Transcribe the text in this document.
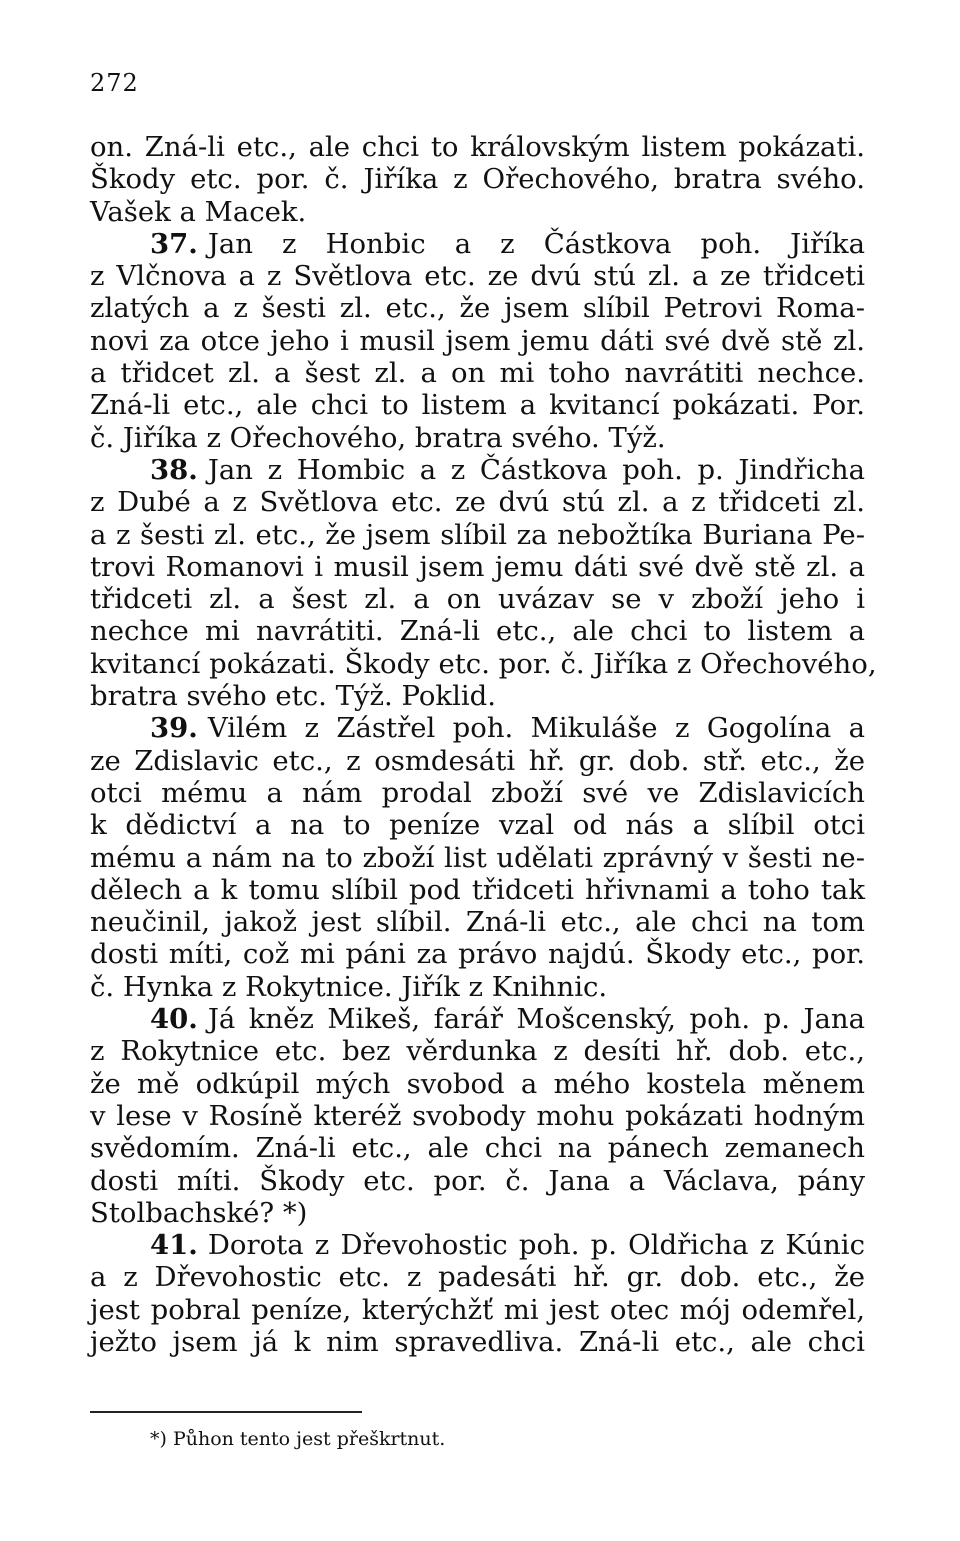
272
on. Zná-li etc., ale chci to královským listem pokázati.
Škody etc. por. č. Jiříka z Ořechového, bratra svého.
Vašek a Macek.
37. Jan z Honbic a z Částkova poh. Jiříka
z Vlčnova a z Světlova etc. ze dvú stú zl. a ze třidceti
zlatých a z šesti zl. etc., že jsem slíbil Petrovi Roma-
novi za otce jeho i musil jsem jemu dáti své dvě stě zl.
a třidcet zl. a šest zl. a on mi toho navrátiti nechce.
Zná-li etc., ale chci to listem a kvitancí pokázati. Por.
č. Jiříka z Ořechového, bratra svého. Týž.
38. Jan z Hombic a z Částkova poh. p. Jindřicha
z Dubé a z Světlova etc. ze dvú stú zl. a z třidceti zl.
a z šesti zl. etc., že jsem slíbil za nebožtíka Buriana Pe-
trovi Romanovi i musil jsem jemu dáti své dvě stě zl. a
třidceti zl. a šest zl. a on uvázav se v zboží jeho i
nechce mi navrátiti. Zná-li etc., ale chci to listem a
kvitancí pokázati. Škody etc. por. č. Jiříka z Ořechového,
bratra svého etc. Týž. Poklid.
39. Vilém z Zástřel poh. Mikuláše z Gogolína a
ze Zdislavic etc., z osmdesáti hř. gr. dob. stř. etc., že
otci mému a nám prodal zboží své ve Zdislavicích
k dědictví a na to peníze vzal od nás a slíbil otci
mému a nám na to zboží list udělati zprávný v šesti ne-
dělech a k tomu slíbil pod třidceti hřivnami a toho tak
neučinil, jakož jest slíbil. Zná-li etc., ale chci na tom
dosti míti, což mi páni za právo najdú. Škody etc., por.
č. Hynka z Rokytnice. Jiřík z Knihnic.
40. Já kněz Mikeš, farář Mošcenský, poh. p. Jana
z Rokytnice etc. bez věrdunka z desíti hř. dob. etc.,
že mě odkúpil mých svobod a mého kostela měnem
v lese v Rosíně kteréž svobody mohu pokázati hodným
svědomím. Zná-li etc., ale chci na pánech zemanech
dosti míti. Škody etc. por. č. Jana a Václava, pány
Stolbachské? *)
41. Dorota z Dřevohostic poh. p. Oldřicha z Kúnic
a z Dřevohostic etc. z padesáti hř. gr. dob. etc., že
jest pobral peníze, kterýchžť mi jest otec mój odemřel,
ježto jsem já k nim spravedliva. Zná-li etc., ale chci
*) Půhon tento jest přeškrtnut.
